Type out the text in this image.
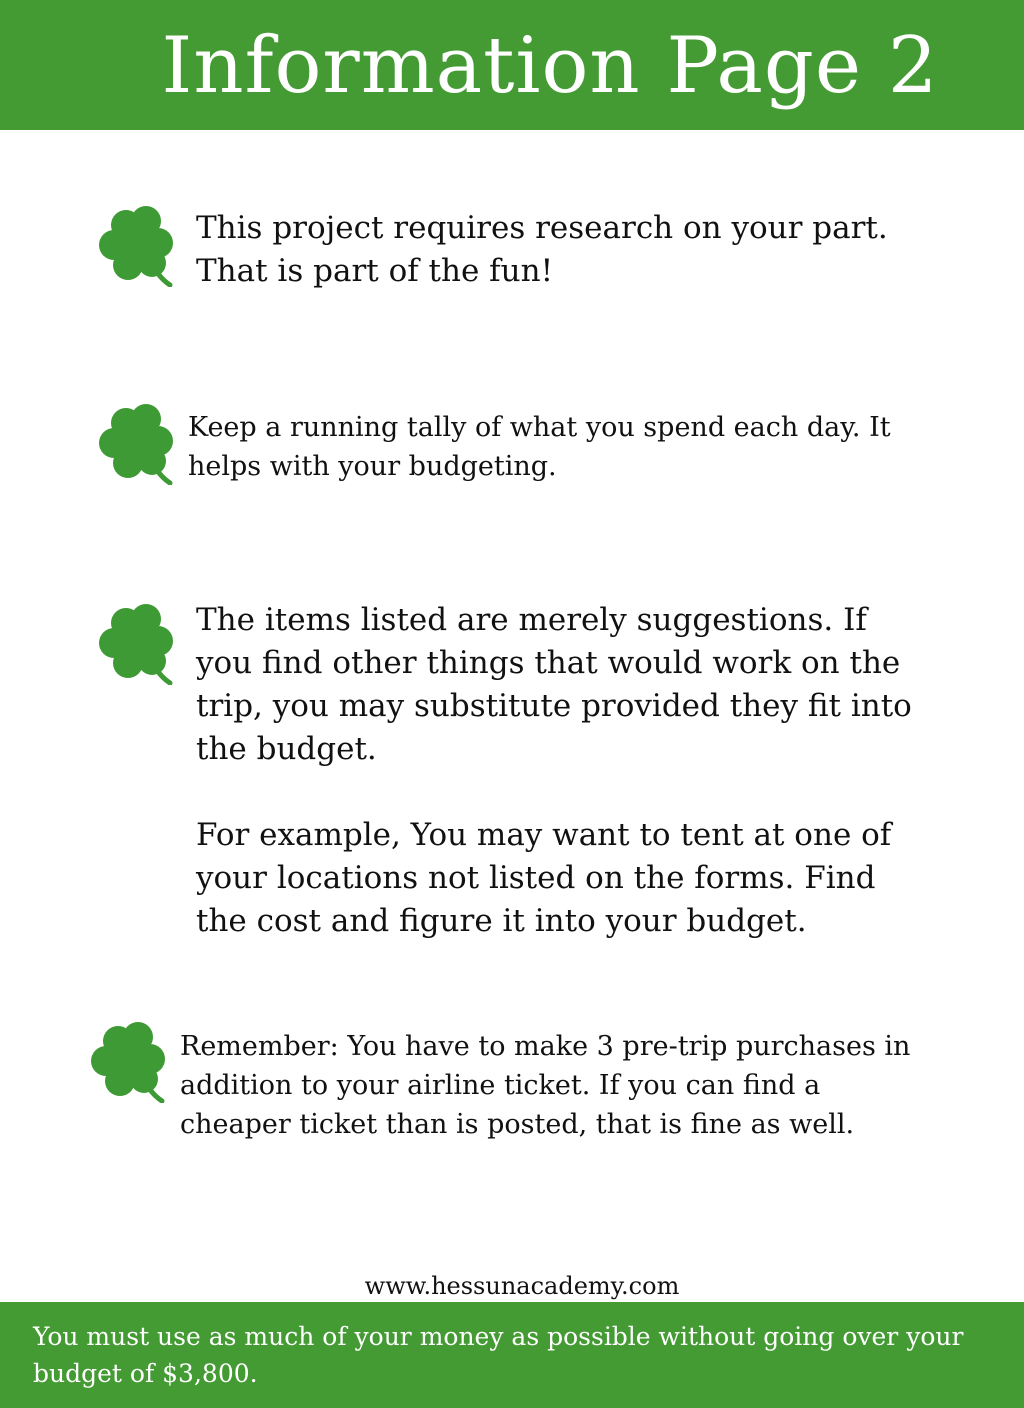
Information Page 2

This project requires research on your part.
That is part of the fun!

Keep a running tally of what you spend each day. It
helps with your budgeting.

The items listed are merely suggestions. If
you find other things that would work on the
trip, you may substitute provided they fit into
the budget.

For example, You may want to tent at one of
your locations not listed on the forms. Find
the cost and figure it into your budget.

Remember: You have to make 3 pre-trip purchases in
addition to your airline ticket. If you can find a
cheaper ticket than is posted, that is fine as well.

www.hessunacademy.com

You must use as much of your money as possible without going over your budget of $3,800.
